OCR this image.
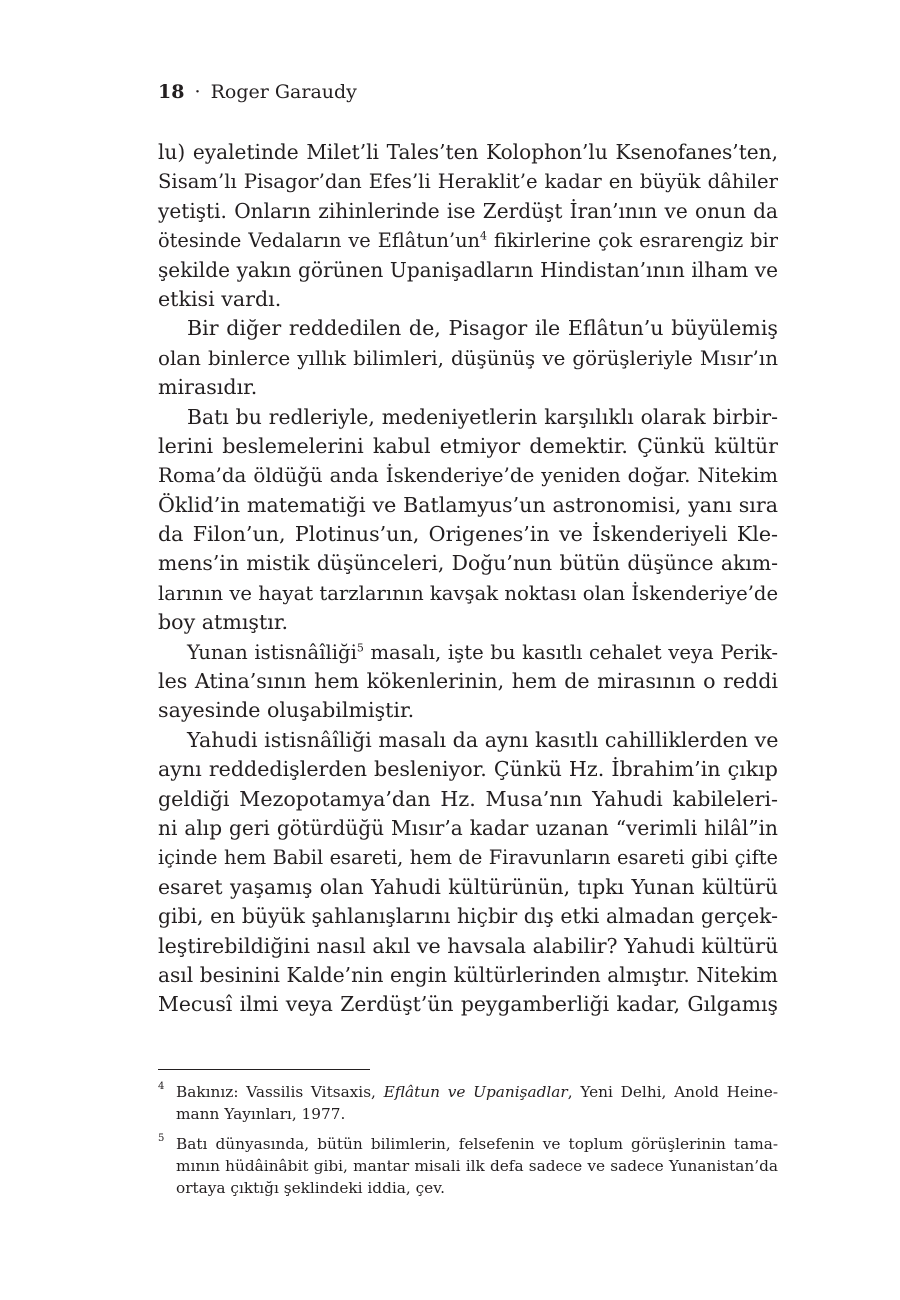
18 · Roger Garaudy
lu) eyaletinde Milet’li Tales’ten Kolophon’lu Ksenofanes’ten,
Sisam’lı Pisagor’dan Efes’li Heraklit’e kadar en büyük dâhiler
yetişti. Onların zihinlerinde ise Zerdüşt İran’ının ve onun da
ötesinde Vedaların ve $Eflâtun’un^4$ fikirlerine çok esrarengiz bir
şekilde yakın görünen Upanişadların Hindistan’ının ilham ve
etkisi vardı.
Bir diğer reddedilen de, Pisagor ile Eflâtun’u büyülemiş
olan binlerce yıllık bilimleri, düşünüş ve görüşleriyle Mısır’ın
mirasıdır.
Batı bu redleriyle, medeniyetlerin karşılıklı olarak birbir-
lerini beslemelerini kabul etmiyor demektir. Çünkü kültür
Roma’da öldüğü anda İskenderiye’de yeniden doğar. Nitekim
Öklid’in matematiği ve Batlamyus’un astronomisi, yanı sıra
da Filon’un, Plotinus’un, Origenes’in ve İskenderiyeli Kle-
mens’in mistik düşünceleri, Doğu’nun bütün düşünce akım-
larının ve hayat tarzlarının kavşak noktası olan İskenderiye’de
boy atmıştır.
Yunan istisnâîliği$^5$ masalı, işte bu kasıtlı cehalet veya Perik-
les Atina’sının hem kökenlerinin, hem de mirasının o reddi
sayesinde oluşabilmiştir.
Yahudi istisnâîliği masalı da aynı kasıtlı cahilliklerden ve
aynı reddedişlerden besleniyor. Çünkü Hz. İbrahim’in çıkıp
geldiği Mezopotamya’dan Hz. Musa’nın Yahudi kabileleri-
ni alıp geri götürdüğü Mısır’a kadar uzanan “verimli hilâl”in
içinde hem Babil esareti, hem de Firavunların esareti gibi çifte
esaret yaşamış olan Yahudi kültürünün, tıpkı Yunan kültürü
gibi, en büyük şahlanışlarını hiçbir dış etki almadan gerçek-
leştirebildiğini nasıl akıl ve havsala alabilir? Yahudi kültürü
asıl besinini Kalde’nin engin kültürlerinden almıştır. Nitekim
Mecusî ilmi veya Zerdüşt’ün peygamberliği kadar, Gılgamış
4 Bakınız: Vassilis Vitsaxis, Eflâtun ve Upanişadlar, Yeni Delhi, Anold Heine-
mann Yayınları, 1977.
5 Batı dünyasında, bütün bilimlerin, felsefenin ve toplum görüşlerinin tama-
mının hüdâinâbit gibi, mantar misali ilk defa sadece ve sadece Yunanistan’da
ortaya çıktığı şeklindeki iddia, çev.
